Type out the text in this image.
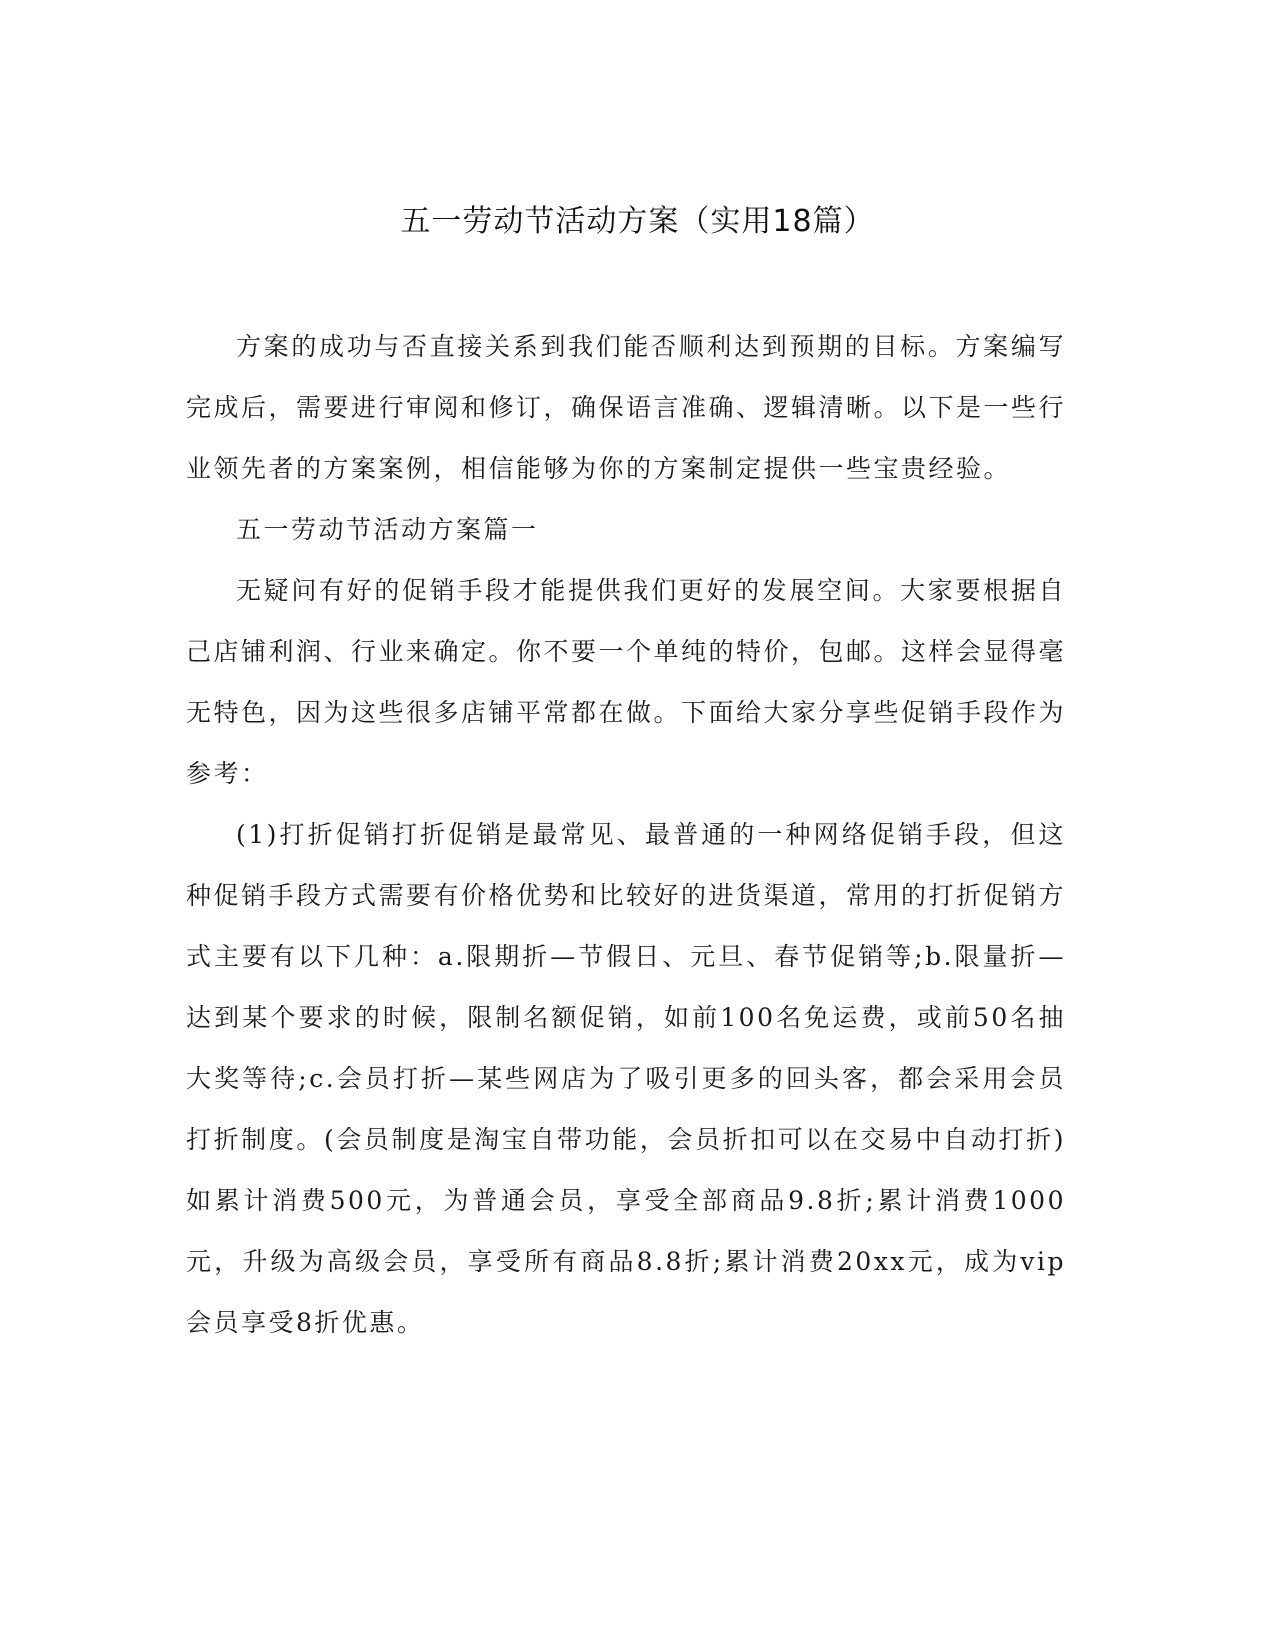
五一劳动节活动方案（实用18篇）

方案的成功与否直接关系到我们能否顺利达到预期的目标。方案编写完成后，需要进行审阅和修订，确保语言准确、逻辑清晰。以下是一些行业领先者的方案案例，相信能够为你的方案制定提供一些宝贵经验。

五一劳动节活动方案篇一

无疑问有好的促销手段才能提供我们更好的发展空间。大家要根据自己店铺利润、行业来确定。你不要一个单纯的特价，包邮。这样会显得毫无特色，因为这些很多店铺平常都在做。下面给大家分享些促销手段作为参考：

(1)打折促销打折促销是最常见、最普通的一种网络促销手段，但这种促销手段方式需要有价格优势和比较好的进货渠道，常用的打折促销方式主要有以下几种：a.限期折—节假日、元旦、春节促销等;b.限量折—达到某个要求的时候，限制名额促销，如前100名免运费，或前50名抽大奖等待;c.会员打折—某些网店为了吸引更多的回头客，都会采用会员打折制度。(会员制度是淘宝自带功能，会员折扣可以在交易中自动打折)如累计消费500元，为普通会员，享受全部商品9.8折;累计消费1000元，升级为高级会员，享受所有商品8.8折;累计消费20xx元，成为vip会员享受8折优惠。
